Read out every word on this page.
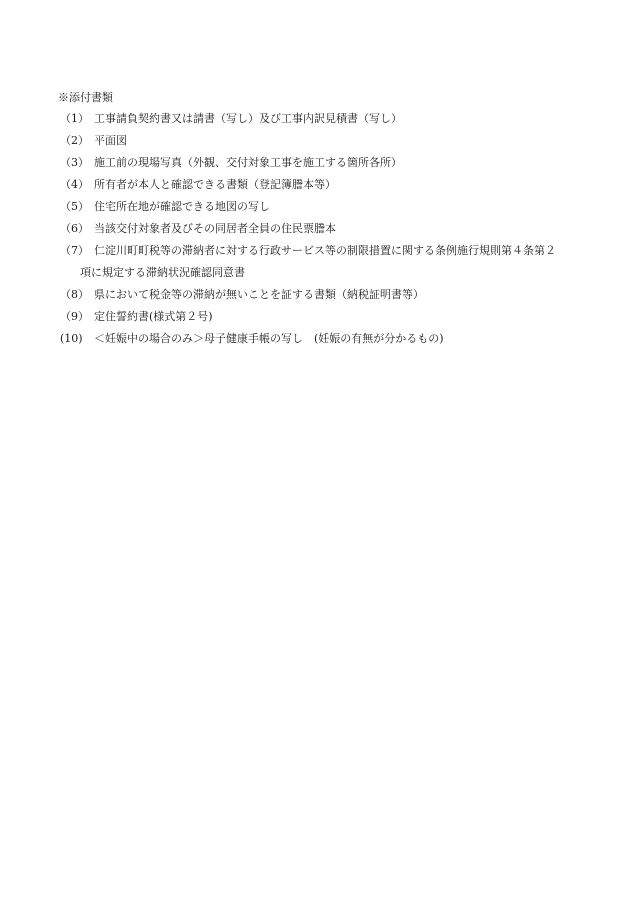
※添付書類
（1） 工事請負契約書又は請書（写し）及び工事内訳見積書（写し）
（2） 平面図
（3） 施工前の現場写真（外観、交付対象工事を施工する箇所各所）
（4） 所有者が本人と確認できる書類（登記簿謄本等）
（5） 住宅所在地が確認できる地図の写し
（6） 当該交付対象者及びその同居者全員の住民票謄本
（7） 仁淀川町町税等の滞納者に対する行政サービス等の制限措置に関する条例施行規則第４条第２
項に規定する滞納状況確認同意書
（8） 県において税金等の滞納が無いことを証する書類（納税証明書等）
（9） 定住誓約書(様式第２号)
(10) ＜妊娠中の場合のみ＞母子健康手帳の写し　(妊娠の有無が分かるもの)
